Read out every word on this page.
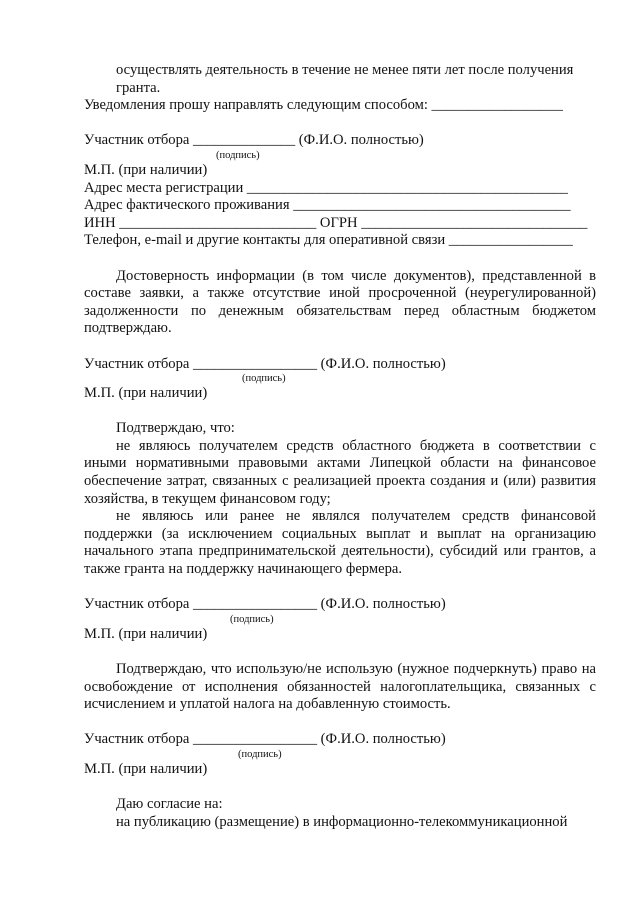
осуществлять деятельность в течение не менее пяти лет после получения

гранта.

Уведомления прошу направлять следующим способом: __________________

Участник отбора ______________ (Ф.И.О. полностью)

(подпись)

М.П. (при наличии)

Адрес места регистрации ____________________________________________

Адрес фактического проживания ______________________________________

ИНН ___________________________ ОГРН _______________________________

Телефон, e-mail и другие контакты для оперативной связи _________________

Достоверность информации (в том числе документов), представленной в составе заявки, а также отсутствие иной просроченной (неурегулированной) задолженности по денежным обязательствам перед областным бюджетом подтверждаю.

Участник отбора _________________ (Ф.И.О. полностью)

(подпись)

М.П. (при наличии)

Подтверждаю, что:

не являюсь получателем средств областного бюджета в соответствии с иными нормативными правовыми актами Липецкой области на финансовое обеспечение затрат, связанных с реализацией проекта создания и (или) развития хозяйства, в текущем финансовом году;

не являюсь или ранее не являлся получателем средств финансовой поддержки (за исключением социальных выплат и выплат на организацию начального этапа предпринимательской деятельности), субсидий или грантов, а также гранта на поддержку начинающего фермера.

Участник отбора _________________ (Ф.И.О. полностью)

(подпись)

М.П. (при наличии)

Подтверждаю, что использую/не использую (нужное подчеркнуть) право на освобождение от исполнения обязанностей налогоплательщика, связанных с исчислением и уплатой налога на добавленную стоимость.

Участник отбора _________________ (Ф.И.О. полностью)

(подпись)

М.П. (при наличии)

Даю согласие на:

на публикацию (размещение) в информационно-телекоммуникационной
